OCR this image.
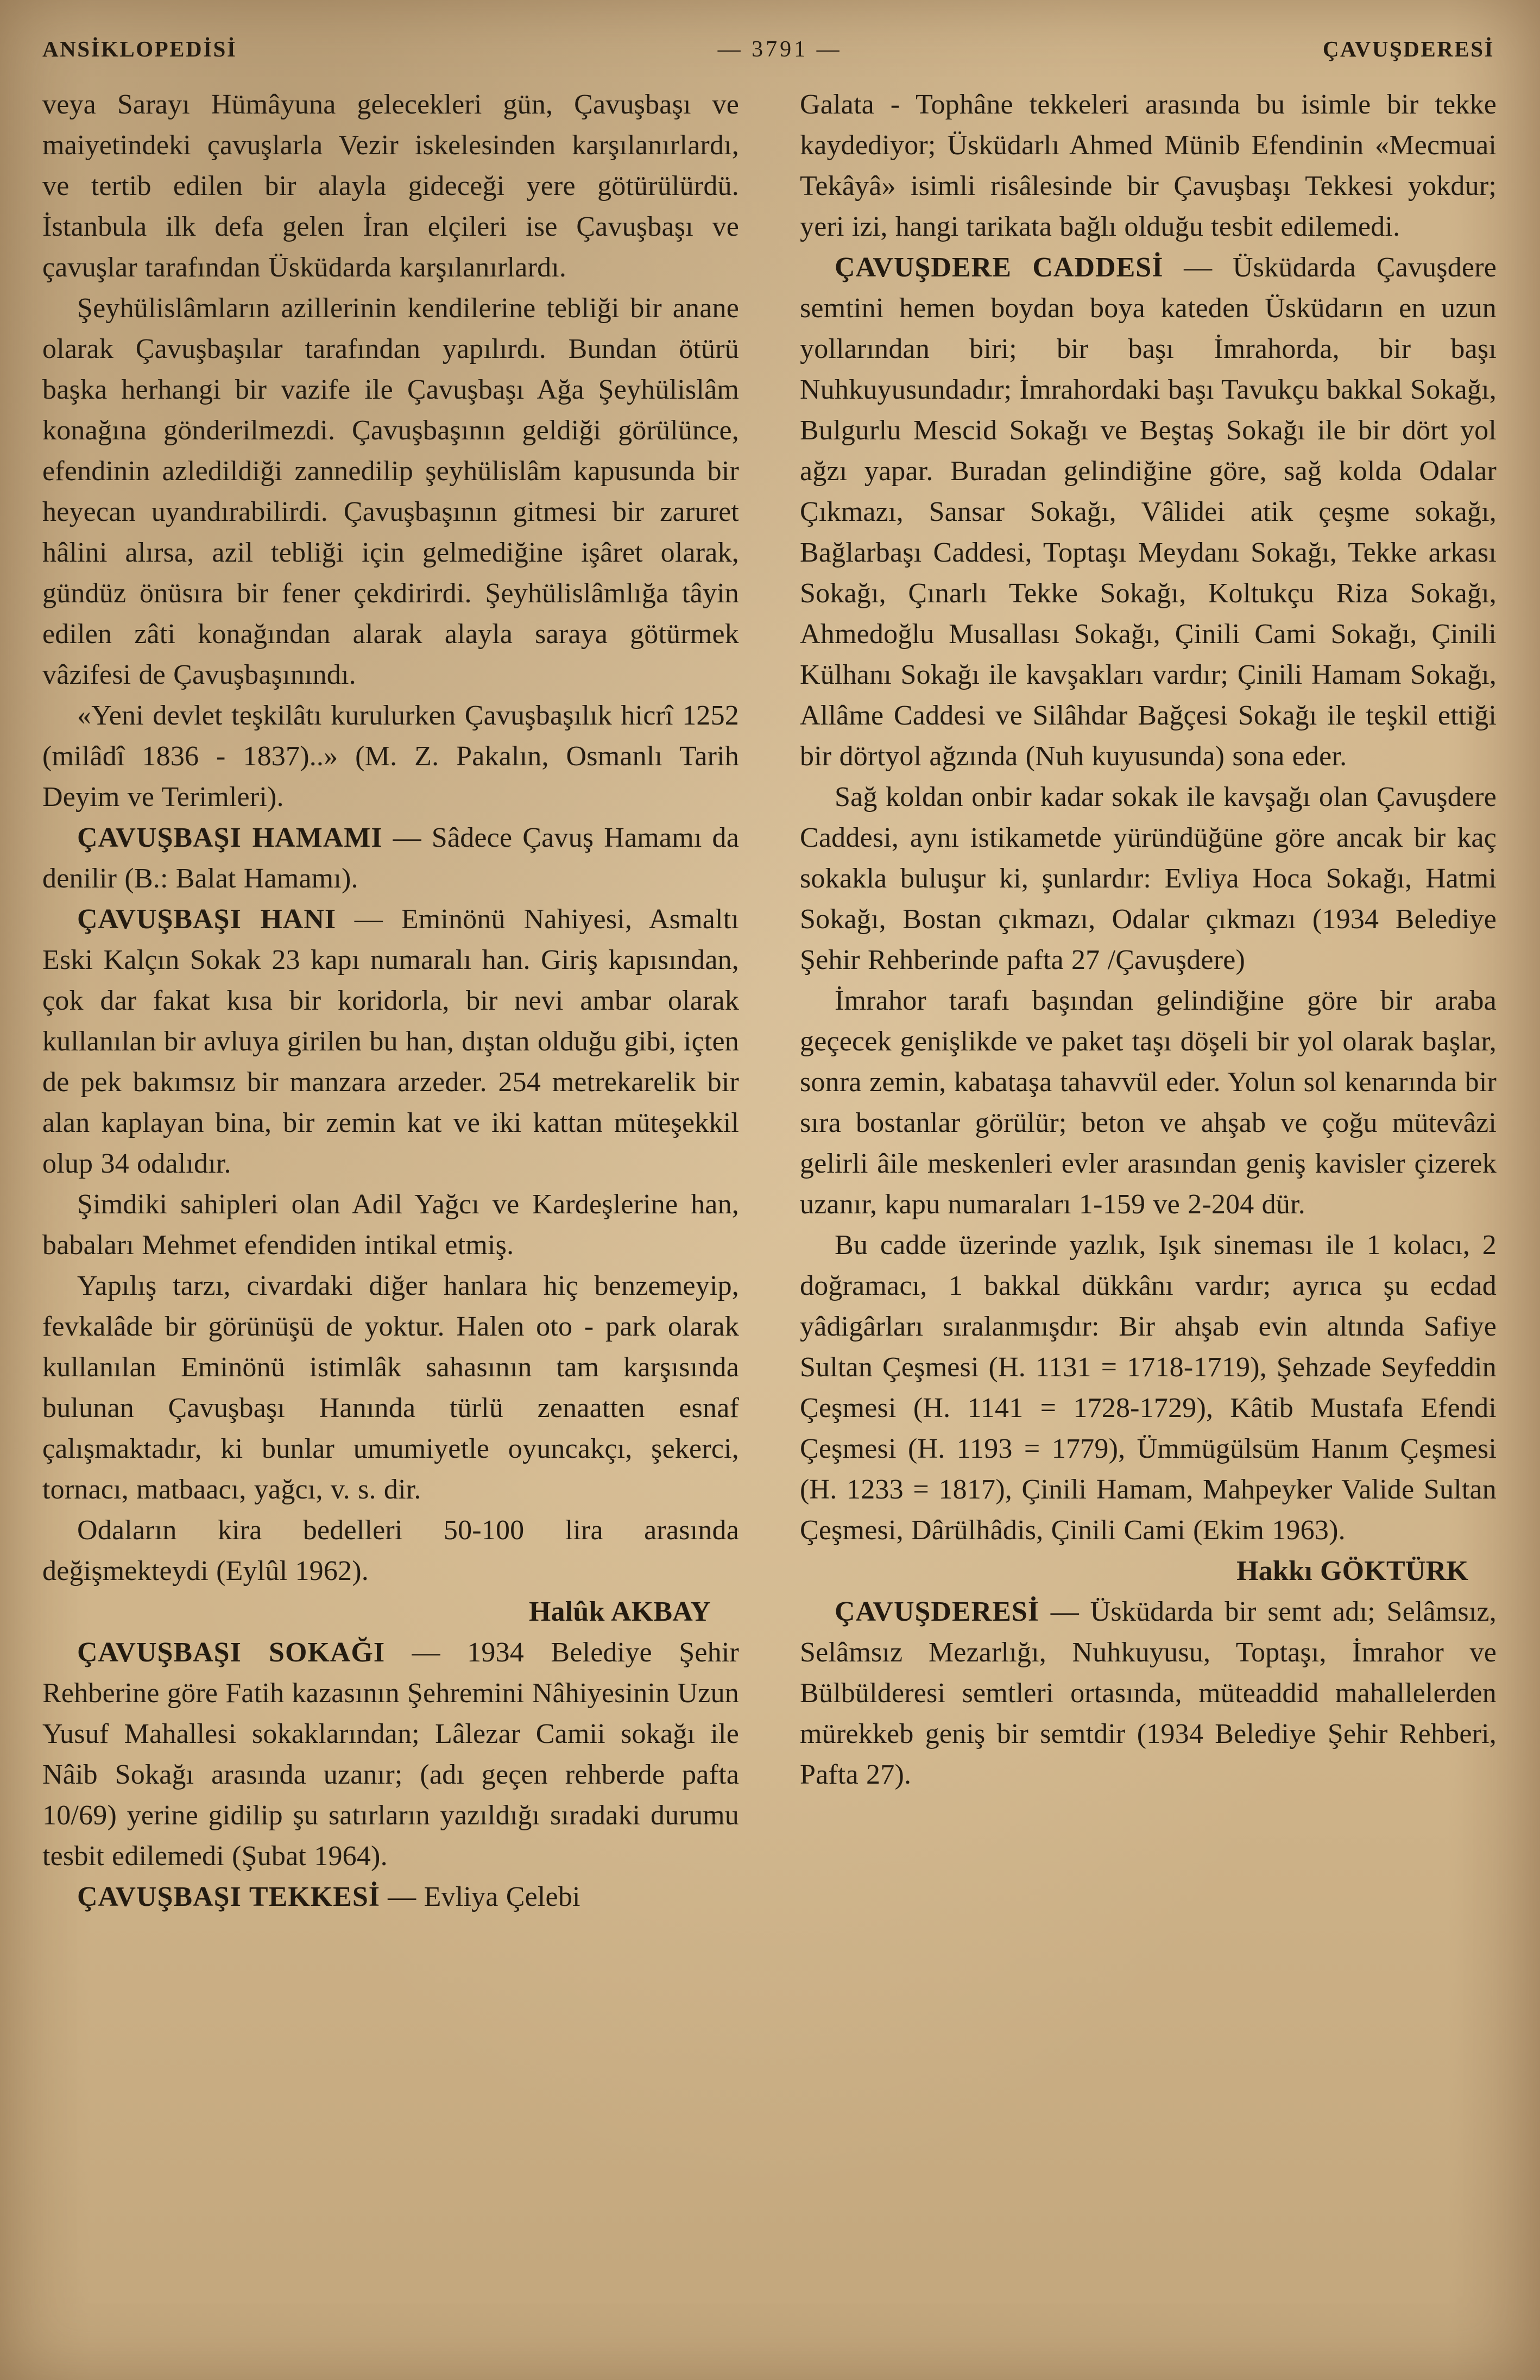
ANSİKLOPEDİSİ	— 3791 —	ÇAVUŞDERESİ

veya Sarayı Hümâyuna gelecekleri gün, Çavuşbaşı ve maiyetindeki çavuşlarla Vezir iskelesinden karşılanırlardı, ve tertib edilen bir alayla gideceği yere götürülürdü. İstanbula ilk defa gelen İran elçileri ise Çavuşbaşı ve çavuşlar tarafından Üsküdarda karşılanırlardı.

Şeyhülislâmların azillerinin kendilerine tebliği bir anane olarak Çavuşbaşılar tarafından yapılırdı. Bundan ötürü başka herhangi bir vazife ile Çavuşbaşı Ağa Şeyhülislâm konağına gönderilmezdi. Çavuşbaşının geldiği görülünce, efendinin azledildiği zannedilip şeyhülislâm kapusunda bir heyecan uyandırabilirdi. Çavuşbaşının gitmesi bir zaruret hâlini alırsa, azil tebliği için gelmediğine işâret olarak, gündüz önüsıra bir fener çekdirirdi. Şeyhülislâmlığa tâyin edilen zâti konağından alarak alayla saraya götürmek vâzifesi de Çavuşbaşınındı.

«Yeni devlet teşkilâtı kurulurken Çavuşbaşılık hicrî 1252 (milâdî 1836 - 1837)..» (M. Z. Pakalın, Osmanlı Tarih Deyim ve Terimleri).

ÇAVUŞBAŞI HAMAMI — Sâdece Çavuş Hamamı da denilir (B.: Balat Hamamı).

ÇAVUŞBAŞI HANI — Eminönü Nahiyesi, Asmaltı Eski Kalçın Sokak 23 kapı numaralı han. Giriş kapısından, çok dar fakat kısa bir koridorla, bir nevi ambar olarak kullanılan bir avluya girilen bu han, dıştan olduğu gibi, içten de pek bakımsız bir manzara arzeder. 254 metrekarelik bir alan kaplayan bina, bir zemin kat ve iki kattan müteşekkil olup 34 odalıdır.

Şimdiki sahipleri olan Adil Yağcı ve Kardeşlerine han, babaları Mehmet efendiden intikal etmiş.

Yapılış tarzı, civardaki diğer hanlara hiç benzemeyip, fevkalâde bir görünüşü de yoktur. Halen oto - park olarak kullanılan Eminönü istimlâk sahasının tam karşısında bulunan Çavuşbaşı Hanında türlü zenaatten esnaf çalışmaktadır, ki bunlar umumiyetle oyuncakçı, şekerci, tornacı, matbaacı, yağcı, v. s. dir.

Odaların kira bedelleri 50-100 lira arasında değişmekteydi (Eylûl 1962).

Halûk AKBAY

ÇAVUŞBAŞI SOKAĞI — 1934 Belediye Şehir Rehberine göre Fatih kazasının Şehremini Nâhiyesinin Uzun Yusuf Mahallesi sokaklarından; Lâlezar Camii sokağı ile Nâib Sokağı arasında uzanır; (adı geçen rehberde pafta 10/69) yerine gidilip şu satırların yazıldığı sıradaki durumu tesbit edilemedi (Şubat 1964).

ÇAVUŞBAŞI TEKKESİ — Evliya Çelebi

Galata - Tophâne tekkeleri arasında bu isimle bir tekke kaydediyor; Üsküdarlı Ahmed Münib Efendinin «Mecmuai Tekâyâ» isimli risâlesinde bir Çavuşbaşı Tekkesi yokdur; yeri izi, hangi tarikata bağlı olduğu tesbit edilemedi.

ÇAVUŞDERE CADDESİ — Üsküdarda Çavuşdere semtini hemen boydan boya kateden Üsküdarın en uzun yollarından biri; bir başı İmrahorda, bir başı Nuhkuyusundadır; İmrahordaki başı Tavukçu bakkal Sokağı, Bulgurlu Mescid Sokağı ve Beştaş Sokağı ile bir dört yol ağzı yapar. Buradan gelindiğine göre, sağ kolda Odalar Çıkmazı, Sansar Sokağı, Vâlidei atik çeşme sokağı, Bağlarbaşı Caddesi, Toptaşı Meydanı Sokağı, Tekke arkası Sokağı, Çınarlı Tekke Sokağı, Koltukçu Riza Sokağı, Ahmedoğlu Musallası Sokağı, Çinili Cami Sokağı, Çinili Külhanı Sokağı ile kavşakları vardır; Çinili Hamam Sokağı, Allâme Caddesi ve Silâhdar Bağçesi Sokağı ile teşkil ettiği bir dörtyol ağzında (Nuh kuyusunda) sona eder.

Sağ koldan onbir kadar sokak ile kavşağı olan Çavuşdere Caddesi, aynı istikametde yüründüğüne göre ancak bir kaç sokakla buluşur ki, şunlardır: Evliya Hoca Sokağı, Hatmi Sokağı, Bostan çıkmazı, Odalar çıkmazı (1934 Belediye Şehir Rehberinde pafta 27 /Çavuşdere)

İmrahor tarafı başından gelindiğine göre bir araba geçecek genişlikde ve paket taşı döşeli bir yol olarak başlar, sonra zemin, kabataşa tahavvül eder. Yolun sol kenarında bir sıra bostanlar görülür; beton ve ahşab ve çoğu mütevâzi gelirli âile meskenleri evler arasından geniş kavisler çizerek uzanır, kapu numaraları 1-159 ve 2-204 dür.

Bu cadde üzerinde yazlık, Işık sineması ile 1 kolacı, 2 doğramacı, 1 bakkal dükkânı vardır; ayrıca şu ecdad yâdigârları sıralanmışdır: Bir ahşab evin altında Safiye Sultan Çeşmesi (H. 1131 = 1718-1719), Şehzade Seyfeddin Çeşmesi (H. 1141 = 1728-1729), Kâtib Mustafa Efendi Çeşmesi (H. 1193 = 1779), Ümmügülsüm Hanım Çeşmesi (H. 1233 = 1817), Çinili Hamam, Mahpeyker Valide Sultan Çeşmesi, Dârülhâdis, Çinili Cami (Ekim 1963).

Hakkı GÖKTÜRK

ÇAVUŞDERESİ — Üsküdarda bir semt adı; Selâmsız, Selâmsız Mezarlığı, Nuhkuyusu, Toptaşı, İmrahor ve Bülbülderesi semtleri ortasında, müteaddid mahallelerden mürekkeb geniş bir semtdir (1934 Belediye Şehir Rehberi, Pafta 27).
